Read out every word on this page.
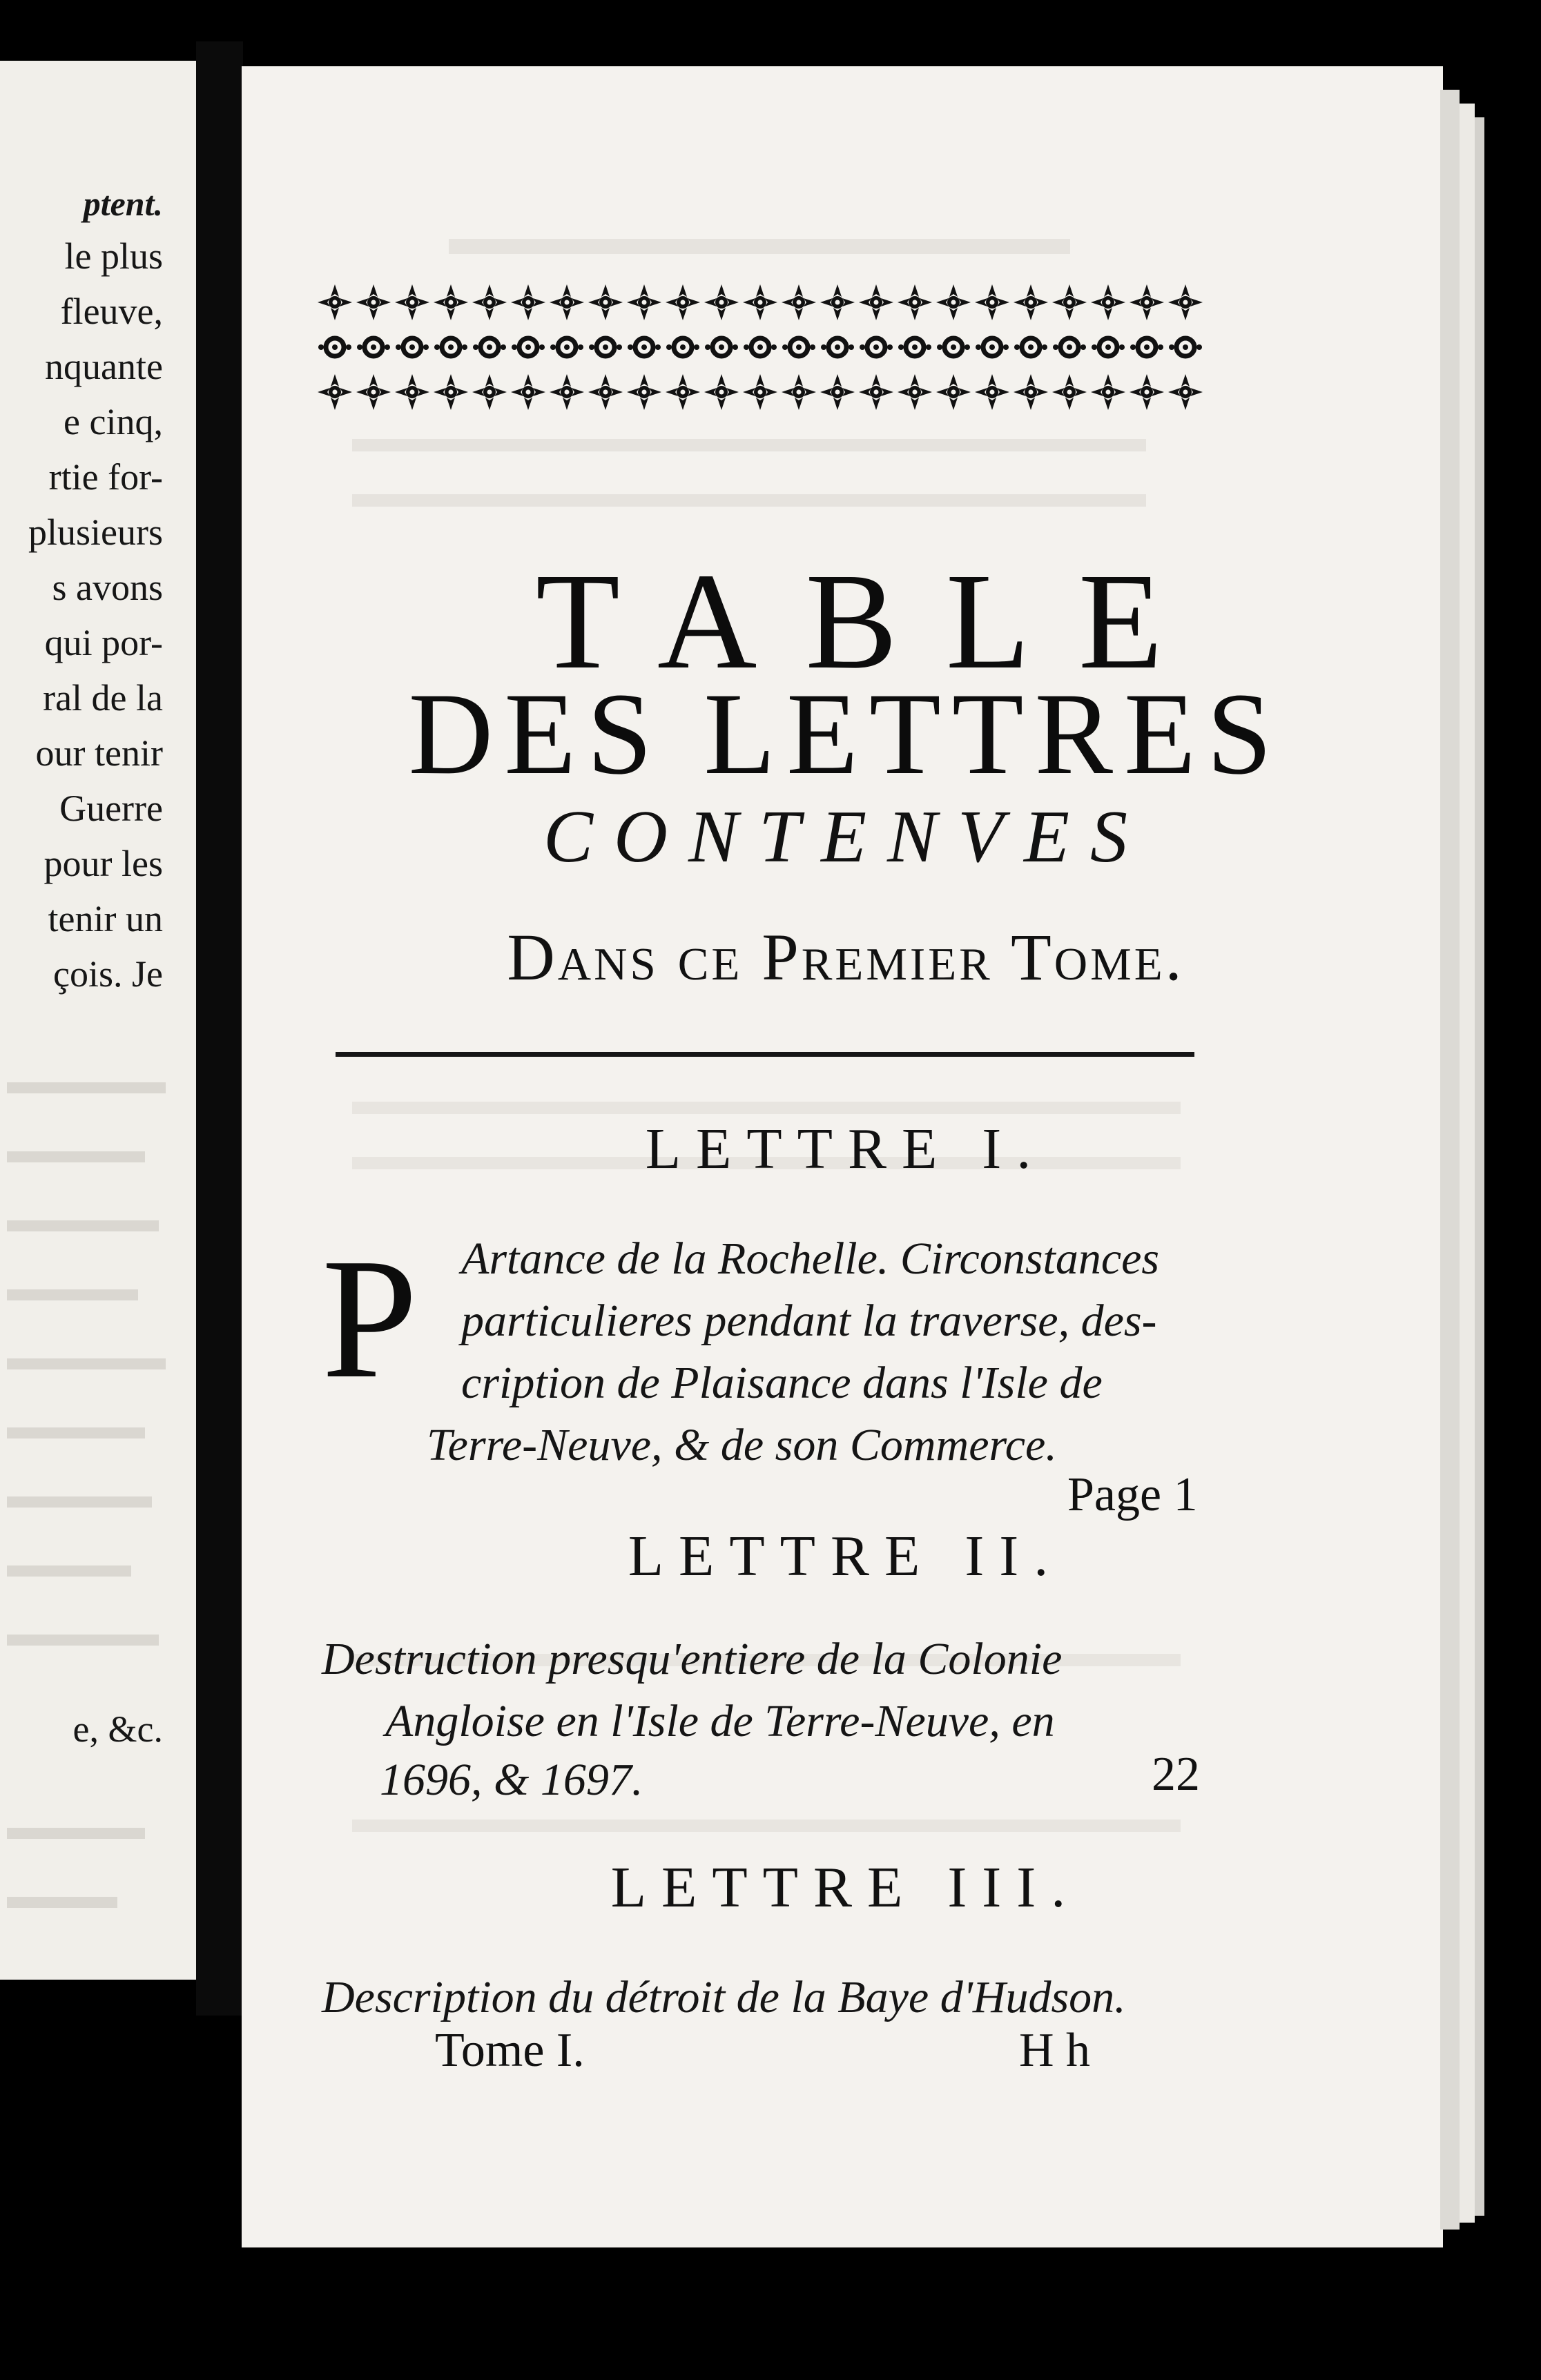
ptent.
le plus
fleuve,
nquante
e cinq,
rtie for-
plusieurs
s avons
qui por-
ral de la
our tenir
Guerre
pour les
tenir un
çois. Je
e, &c.
TABLE
DES LETTRES
CONTENVES
Dans ce Premier Tome.
LETTRE I.
P Artance de la Rochelle. Circonstances
particulieres pendant la traverse, des-
cription de Plaisance dans l'Isle de
Terre-Neuve, & de son Commerce.
Page 1
LETTRE II.
Destruction presqu'entiere de la Colonie
Angloise en l'Isle de Terre-Neuve, en
1696, & 1697.	22
LETTRE III.
Description du détroit de la Baye d'Hudson.
Tome I.	H h
